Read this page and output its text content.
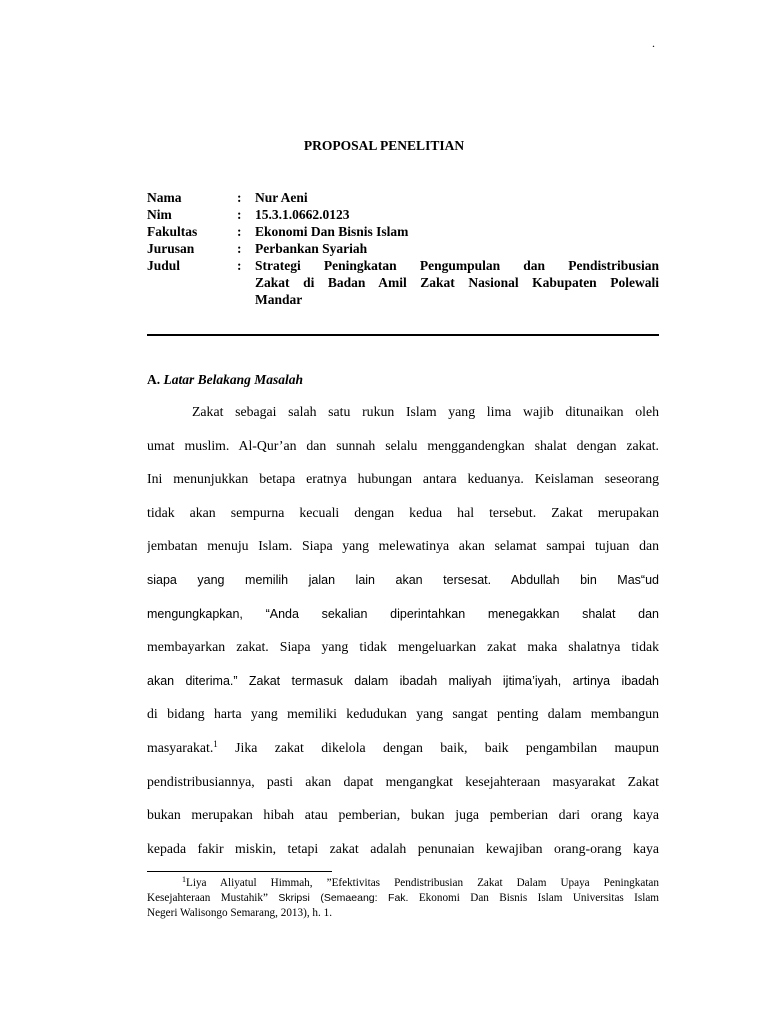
.
PROPOSAL PENELITIAN
Nama	:	Nur Aeni
Nim	:	15.3.1.0662.0123
Fakultas	:	Ekonomi Dan Bisnis Islam
Jurusan	:	Perbankan Syariah
Judul	:	Strategi Peningkatan Pengumpulan dan Pendistribusian
Zakat di Badan Amil Zakat Nasional Kabupaten Polewali
Mandar
A. Latar Belakang Masalah
Zakat sebagai salah satu rukun Islam yang lima wajib ditunaikan oleh
umat muslim. Al-Qur’an dan sunnah selalu menggandengkan shalat dengan zakat.
Ini menunjukkan betapa eratnya hubungan antara keduanya. Keislaman seseorang
tidak akan sempurna kecuali dengan kedua hal tersebut. Zakat merupakan
jembatan menuju Islam. Siapa yang melewatinya akan selamat sampai tujuan dan
siapa yang memilih jalan lain akan tersesat. Abdullah bin Mas“ud
mengungkapkan, “Anda sekalian diperintahkan menegakkan shalat dan
membayarkan zakat. Siapa yang tidak mengeluarkan zakat maka shalatnya tidak
akan diterima.” Zakat termasuk dalam ibadah maliyah ijtima’iyah, artinya ibadah
di bidang harta yang memiliki kedudukan yang sangat penting dalam membangun
masyarakat.$^1$ Jika zakat dikelola dengan baik, baik pengambilan maupun
pendistribusiannya, pasti akan dapat mengangkat kesejahteraan masyarakat Zakat
bukan merupakan hibah atau pemberian, bukan juga pemberian dari orang kaya
kepada fakir miskin, tetapi zakat adalah penunaian kewajiban orang-orang kaya
$^1$Liya Aliyatul Himmah, ”Efektivitas Pendistribusian Zakat Dalam Upaya Peningkatan
Kesejahteraan Mustahik” Skripsi (Semaeang: Fak. Ekonomi Dan Bisnis Islam Universitas Islam
Negeri Walisongo Semarang, 2013), h. 1.
